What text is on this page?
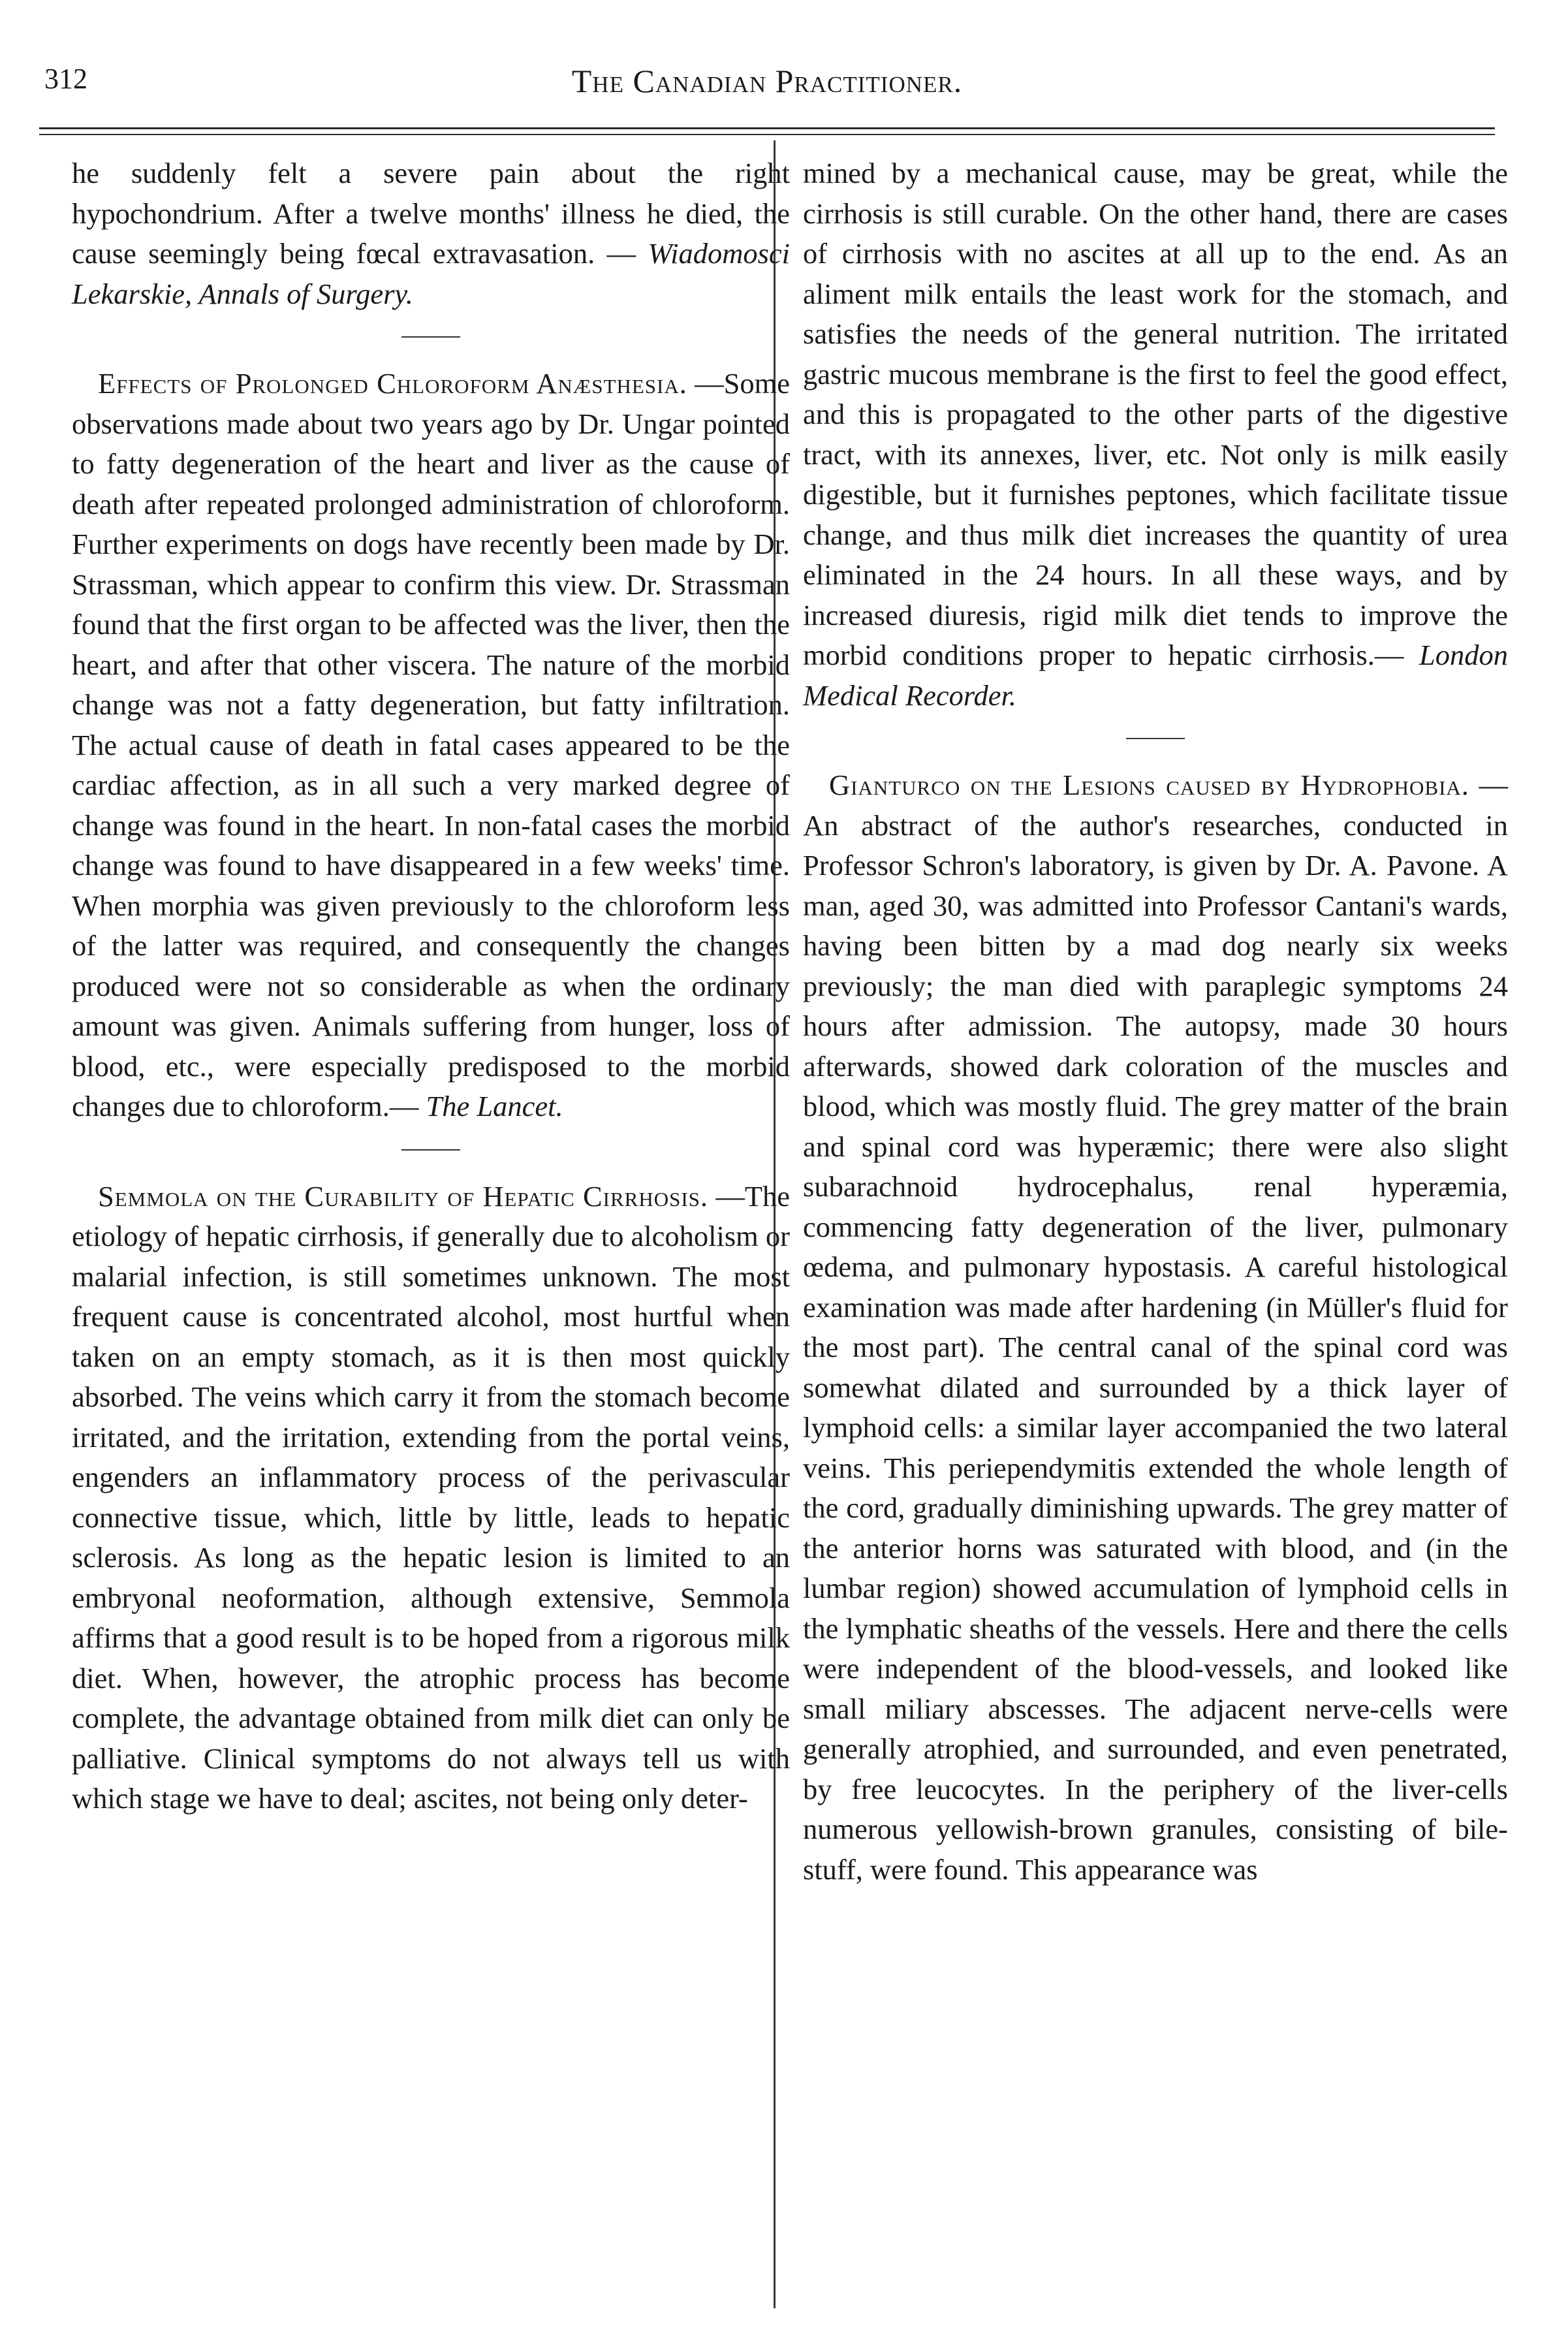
312	The Canadian Practitioner.

he suddenly felt a severe pain about the right hypochondrium. After a twelve months' illness he died, the cause seemingly being fœcal extravasation. — Wiadomosci Lekarskie, Annals of Surgery.

Effects of Prolonged Chloroform Anæsthesia. —Some observations made about two years ago by Dr. Ungar pointed to fatty degeneration of the heart and liver as the cause of death after repeated prolonged administration of chloroform. Further experiments on dogs have recently been made by Dr. Strassman, which appear to confirm this view. Dr. Strassman found that the first organ to be affected was the liver, then the heart, and after that other viscera. The nature of the morbid change was not a fatty degeneration, but fatty infiltration. The actual cause of death in fatal cases appeared to be the cardiac affection, as in all such a very marked degree of change was found in the heart. In non-fatal cases the morbid change was found to have disappeared in a few weeks' time. When morphia was given previously to the chloroform less of the latter was required, and consequently the changes produced were not so considerable as when the ordinary amount was given. Animals suffering from hunger, loss of blood, etc., were especially predisposed to the morbid changes due to chloroform.— The Lancet.

Semmola on the Curability of Hepatic Cirrhosis. —The etiology of hepatic cirrhosis, if generally due to alcoholism or malarial infection, is still sometimes unknown. The most frequent cause is concentrated alcohol, most hurtful when taken on an empty stomach, as it is then most quickly absorbed. The veins which carry it from the stomach become irritated, and the irritation, extending from the portal veins, engenders an inflammatory process of the perivascular connective tissue, which, little by little, leads to hepatic sclerosis. As long as the hepatic lesion is limited to an embryonal neoformation, although extensive, Semmola affirms that a good result is to be hoped from a rigorous milk diet. When, however, the atrophic process has become complete, the advantage obtained from milk diet can only be palliative. Clinical symptoms do not always tell us with which stage we have to deal; ascites, not being only deter-

mined by a mechanical cause, may be great, while the cirrhosis is still curable. On the other hand, there are cases of cirrhosis with no ascites at all up to the end. As an aliment milk entails the least work for the stomach, and satisfies the needs of the general nutrition. The irritated gastric mucous membrane is the first to feel the good effect, and this is propagated to the other parts of the digestive tract, with its annexes, liver, etc. Not only is milk easily digestible, but it furnishes peptones, which facilitate tissue change, and thus milk diet increases the quantity of urea eliminated in the 24 hours. In all these ways, and by increased diuresis, rigid milk diet tends to improve the morbid conditions proper to hepatic cirrhosis.— London Medical Recorder.

Gianturco on the Lesions caused by Hydrophobia. — An abstract of the author's researches, conducted in Professor Schron's laboratory, is given by Dr. A. Pavone. A man, aged 30, was admitted into Professor Cantani's wards, having been bitten by a mad dog nearly six weeks previously; the man died with paraplegic symptoms 24 hours after admission. The autopsy, made 30 hours afterwards, showed dark coloration of the muscles and blood, which was mostly fluid. The grey matter of the brain and spinal cord was hyperæmic; there were also slight subarachnoid hydrocephalus, renal hyperæmia, commencing fatty degeneration of the liver, pulmonary œdema, and pulmonary hypostasis. A careful histological examination was made after hardening (in Müller's fluid for the most part). The central canal of the spinal cord was somewhat dilated and surrounded by a thick layer of lymphoid cells: a similar layer accompanied the two lateral veins. This periependymitis extended the whole length of the cord, gradually diminishing upwards. The grey matter of the anterior horns was saturated with blood, and (in the lumbar region) showed accumulation of lymphoid cells in the lymphatic sheaths of the vessels. Here and there the cells were independent of the blood-vessels, and looked like small miliary abscesses. The adjacent nerve-cells were generally atrophied, and surrounded, and even penetrated, by free leucocytes. In the periphery of the liver-cells numerous yellowish-brown granules, consisting of bile-stuff, were found. This appearance was
